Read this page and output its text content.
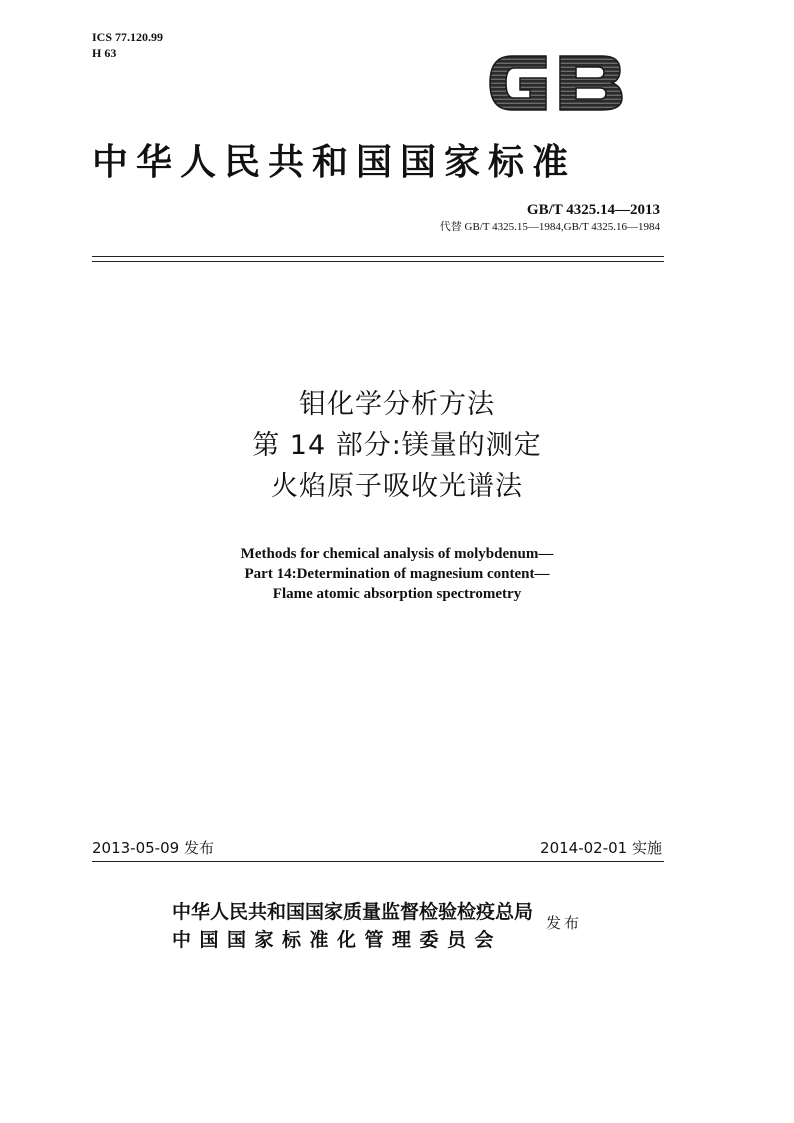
ICS 77.120.99
H 63
中华人民共和国国家标准
GB/T 4325.14—2013
代替 GB/T 4325.15—1984,GB/T 4325.16—1984
钼化学分析方法
第 14 部分:镁量的测定
火焰原子吸收光谱法
Methods for chemical analysis of molybdenum—
Part 14:Determination of magnesium content—
Flame atomic absorption spectrometry
2013-05-09 发布	2014-02-01 实施
中华人民共和国国家质量监督检验检疫总局
中国国家标准化管理委员会
发布
